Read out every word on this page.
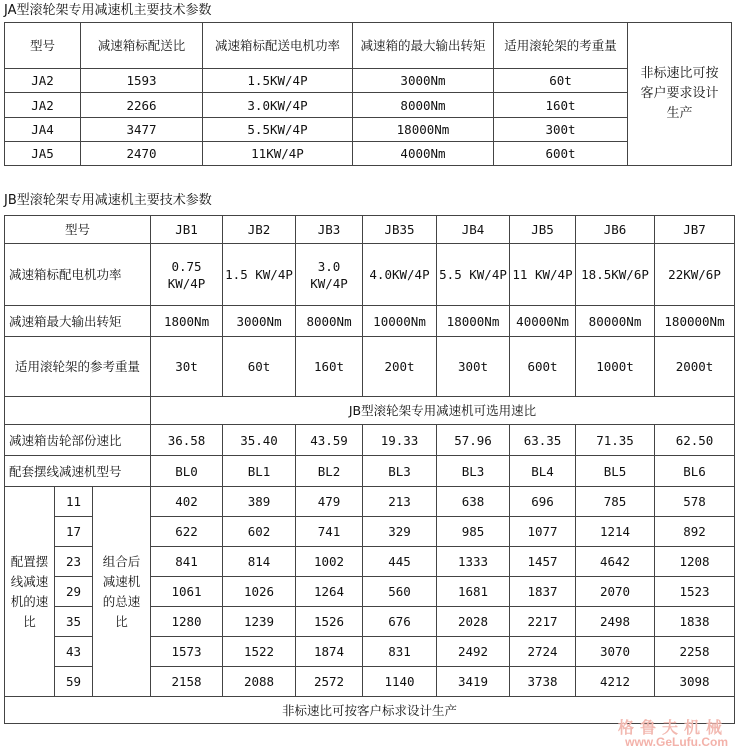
JA型滚轮架专用减速机主要技术参数
型号	减速箱标配送比	减速箱标配送电机功率	减速箱的最大输出转矩	适用滚轮架的考重量	非标速比可按客户要求设计生产
JA2	1593	1.5KW/4P	3000Nm	60t	
JA2	2266	3.0KW/4P	8000Nm	160t	
JA4	3477	5.5KW/4P	18000Nm	300t	
JA5	2470	11KW/4P	4000Nm	600t	
JB型滚轮架专用减速机主要技术参数
型号			JB1	JB2	JB3	JB35	JB4	JB5	JB6	JB7
减速箱标配电机功率			0.75 KW/4P	1.5 KW/4P	3.0 KW/4P	4.0KW/4P	5.5 KW/4P	11 KW/4P	18.5KW/6P	22KW/6P
减速箱最大输出转矩			1800Nm	3000Nm	8000Nm	10000Nm	18000Nm	40000Nm	80000Nm	180000Nm
适用滚轮架的参考重量			30t	60t	160t	200t	300t	600t	1000t	2000t
			JB型滚轮架专用减速机可选用速比							
减速箱齿轮部份速比			36.58	35.40	43.59	19.33	57.96	63.35	71.35	62.50
配套摆线减速机型号			BL0	BL1	BL2	BL3	BL3	BL4	BL5	BL6
配置摆线减速机的速比	11	组合后减速机的总速比	402	389	479	213	638	696	785	578
	17		622	602	741	329	985	1077	1214	892
	23		841	814	1002	445	1333	1457	4642	1208
	29		1061	1026	1264	560	1681	1837	2070	1523
	35		1280	1239	1526	676	2028	2217	2498	1838
	43		1573	1522	1874	831	2492	2724	3070	2258
	59		2158	2088	2572	1140	3419	3738	4212	3098
非标速比可按客户标求设计生产										
格鲁夫机械
www.GeLufu.Com
